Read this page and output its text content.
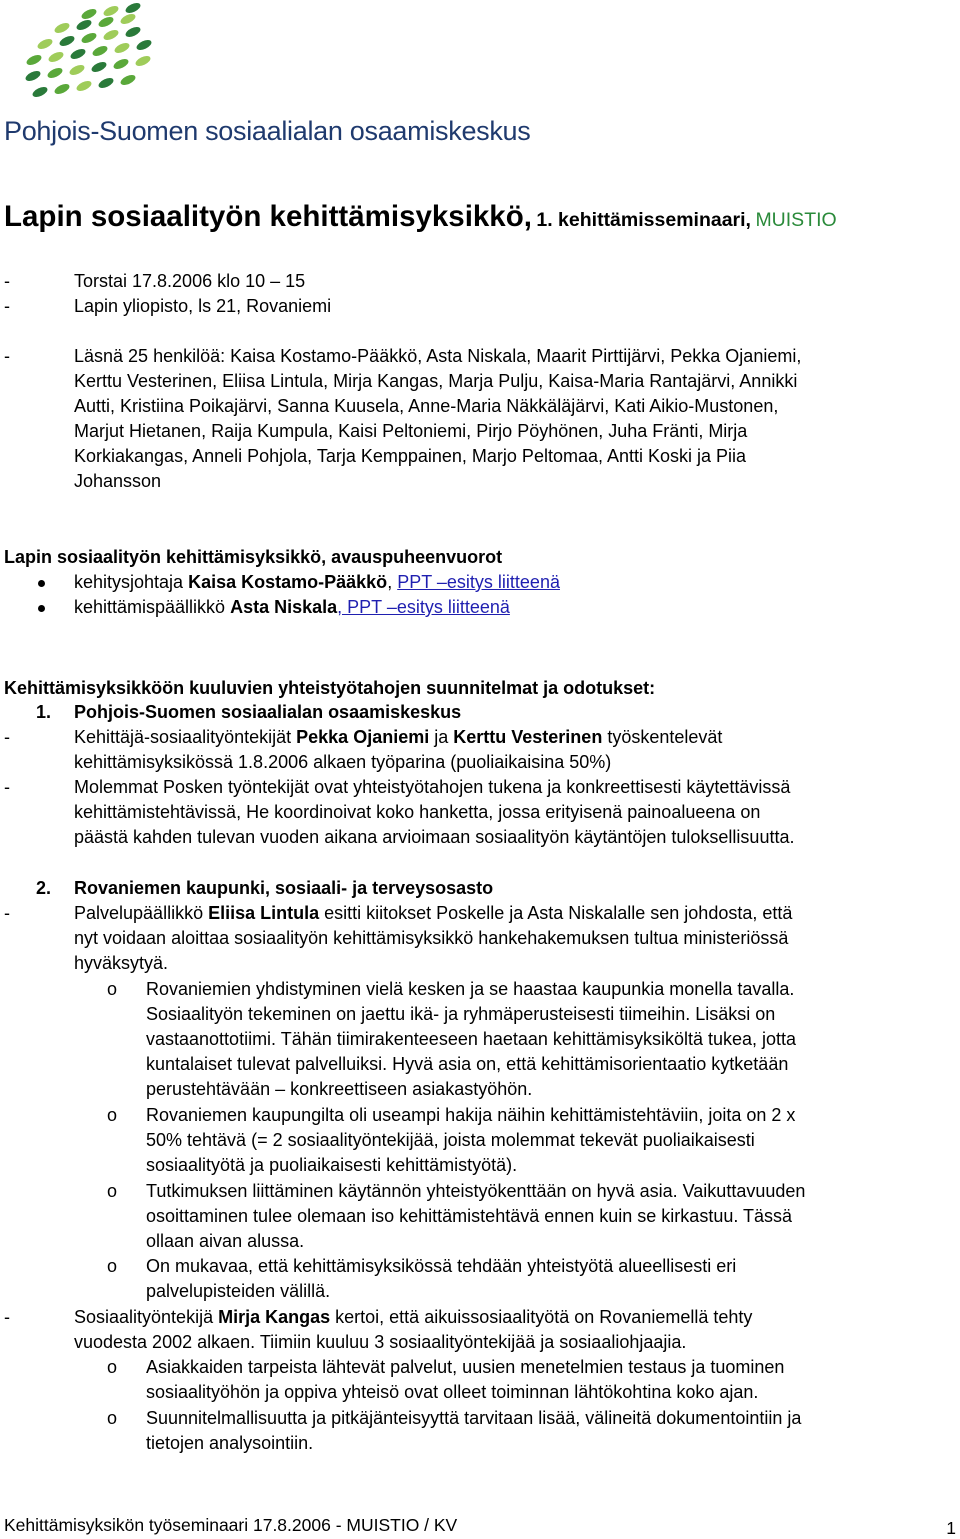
Pohjois-Suomen sosiaalialan osaamiskeskus
Lapin sosiaalityön kehittämisyksikkö, 1. kehittämisseminaari, MUISTIO
-	Torstai 17.8.2006 klo 10 – 15
-	Lapin yliopisto, ls 21, Rovaniemi
-	Läsnä 25 henkilöä: Kaisa Kostamo-Pääkkö, Asta Niskala, Maarit Pirttijärvi, Pekka Ojaniemi,
Kerttu Vesterinen, Eliisa Lintula, Mirja Kangas, Marja Pulju, Kaisa-Maria Rantajärvi, Annikki
Autti, Kristiina Poikajärvi, Sanna Kuusela, Anne-Maria Näkkäläjärvi, Kati Aikio-Mustonen,
Marjut Hietanen, Raija Kumpula, Kaisi Peltoniemi, Pirjo Pöyhönen, Juha Fränti, Mirja
Korkiakangas, Anneli Pohjola, Tarja Kemppainen, Marjo Peltomaa, Antti Koski ja Piia
Johansson
Lapin sosiaalityön kehittämisyksikkö, avauspuheenvuorot
kehitysjohtaja Kaisa Kostamo-Pääkkö, PPT –esitys liitteenä
kehittämispäällikkö Asta Niskala, PPT –esitys liitteenä
Kehittämisyksikköön kuuluvien yhteistyötahojen suunnitelmat ja odotukset:
1. Pohjois-Suomen sosiaalialan osaamiskeskus
-	Kehittäjä-sosiaalityöntekijät Pekka Ojaniemi ja Kerttu Vesterinen työskentelevät
kehittämisyksikössä 1.8.2006 alkaen työparina (puoliaikaisina 50%)
-	Molemmat Posken työntekijät ovat yhteistyötahojen tukena ja konkreettisesti käytettävissä
kehittämistehtävissä, He koordinoivat koko hanketta, jossa erityisenä painoalueena on
päästä kahden tulevan vuoden aikana arvioimaan sosiaalityön käytäntöjen tuloksellisuutta.
2. Rovaniemen kaupunki, sosiaali- ja terveysosasto
-	Palvelupäällikkö Eliisa Lintula esitti kiitokset Poskelle ja Asta Niskalalle sen johdosta, että
nyt voidaan aloittaa sosiaalityön kehittämisyksikkö hankehakemuksen tultua ministeriössä
hyväksytyä.
o Rovaniemien yhdistyminen vielä kesken ja se haastaa kaupunkia monella tavalla.
Sosiaalityön tekeminen on jaettu ikä- ja ryhmäperusteisesti tiimeihin. Lisäksi on
vastaanottotiimi. Tähän tiimirakenteeseen haetaan kehittämisyksiköltä tukea, jotta
kuntalaiset tulevat palvelluiksi. Hyvä asia on, että kehittämisorientaatio kytketään
perustehtävään – konkreettiseen asiakastyöhön.
o Rovaniemen kaupungilta oli useampi hakija näihin kehittämistehtäviin, joita on 2 x
50% tehtävä (= 2 sosiaalityöntekijää, joista molemmat tekevät puoliaikaisesti
sosiaalityötä ja puoliaikaisesti kehittämistyötä).
o Tutkimuksen liittäminen käytännön yhteistyökenttään on hyvä asia. Vaikuttavuuden
osoittaminen tulee olemaan iso kehittämistehtävä ennen kuin se kirkastuu. Tässä
ollaan aivan alussa.
o On mukavaa, että kehittämisyksikössä tehdään yhteistyötä alueellisesti eri
palvelupisteiden välillä.
-	Sosiaalityöntekijä Mirja Kangas kertoi, että aikuissosiaalityötä on Rovaniemellä tehty
vuodesta 2002 alkaen. Tiimiin kuuluu 3 sosiaalityöntekijää ja sosiaaliohjaajia.
o Asiakkaiden tarpeista lähtevät palvelut, uusien menetelmien testaus ja tuominen
sosiaalityöhön ja oppiva yhteisö ovat olleet toiminnan lähtökohtina koko ajan.
o Suunnitelmallisuutta ja pitkäjänteisyyttä tarvitaan lisää, välineitä dokumentointiin ja
tietojen analysointiin.
Kehittämisyksikön työseminaari 17.8.2006 - MUISTIO / KV	1
